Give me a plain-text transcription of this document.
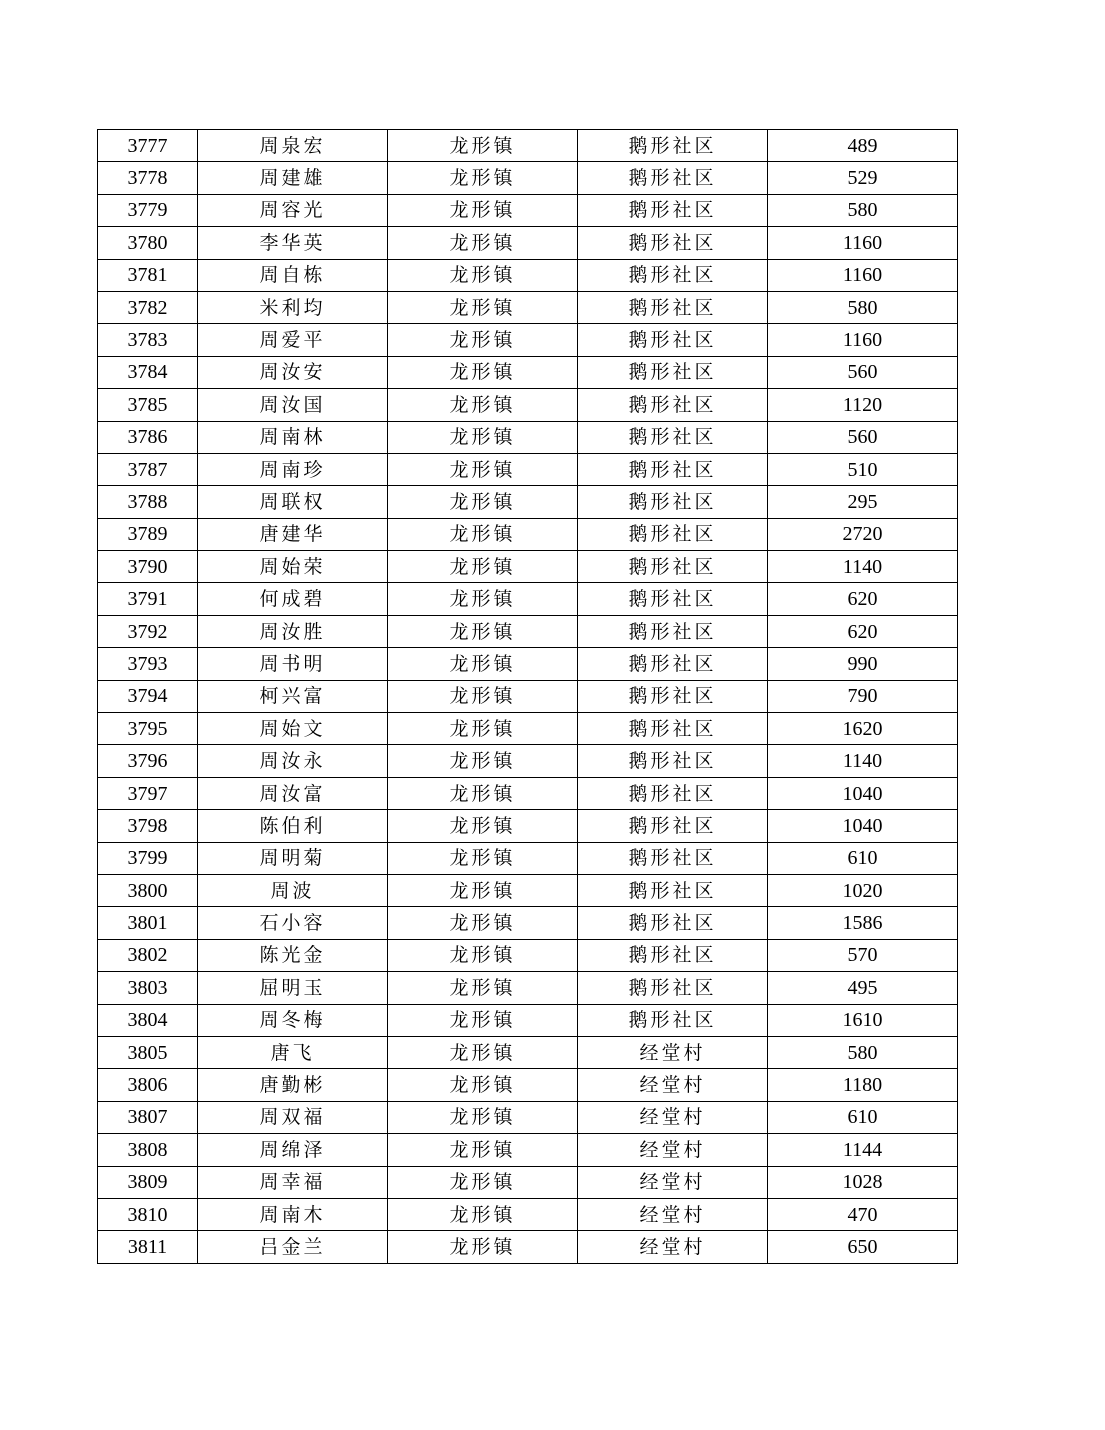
3777	周泉宏	龙形镇	鹅形社区	489
3778	周建雄	龙形镇	鹅形社区	529
3779	周容光	龙形镇	鹅形社区	580
3780	李华英	龙形镇	鹅形社区	1160
3781	周自栋	龙形镇	鹅形社区	1160
3782	米利均	龙形镇	鹅形社区	580
3783	周爱平	龙形镇	鹅形社区	1160
3784	周汝安	龙形镇	鹅形社区	560
3785	周汝国	龙形镇	鹅形社区	1120
3786	周南林	龙形镇	鹅形社区	560
3787	周南珍	龙形镇	鹅形社区	510
3788	周联权	龙形镇	鹅形社区	295
3789	唐建华	龙形镇	鹅形社区	2720
3790	周始荣	龙形镇	鹅形社区	1140
3791	何成碧	龙形镇	鹅形社区	620
3792	周汝胜	龙形镇	鹅形社区	620
3793	周书明	龙形镇	鹅形社区	990
3794	柯兴富	龙形镇	鹅形社区	790
3795	周始文	龙形镇	鹅形社区	1620
3796	周汝永	龙形镇	鹅形社区	1140
3797	周汝富	龙形镇	鹅形社区	1040
3798	陈伯利	龙形镇	鹅形社区	1040
3799	周明菊	龙形镇	鹅形社区	610
3800	周波	龙形镇	鹅形社区	1020
3801	石小容	龙形镇	鹅形社区	1586
3802	陈光金	龙形镇	鹅形社区	570
3803	屈明玉	龙形镇	鹅形社区	495
3804	周冬梅	龙形镇	鹅形社区	1610
3805	唐飞	龙形镇	经堂村	580
3806	唐勤彬	龙形镇	经堂村	1180
3807	周双福	龙形镇	经堂村	610
3808	周绵泽	龙形镇	经堂村	1144
3809	周幸福	龙形镇	经堂村	1028
3810	周南木	龙形镇	经堂村	470
3811	吕金兰	龙形镇	经堂村	650
